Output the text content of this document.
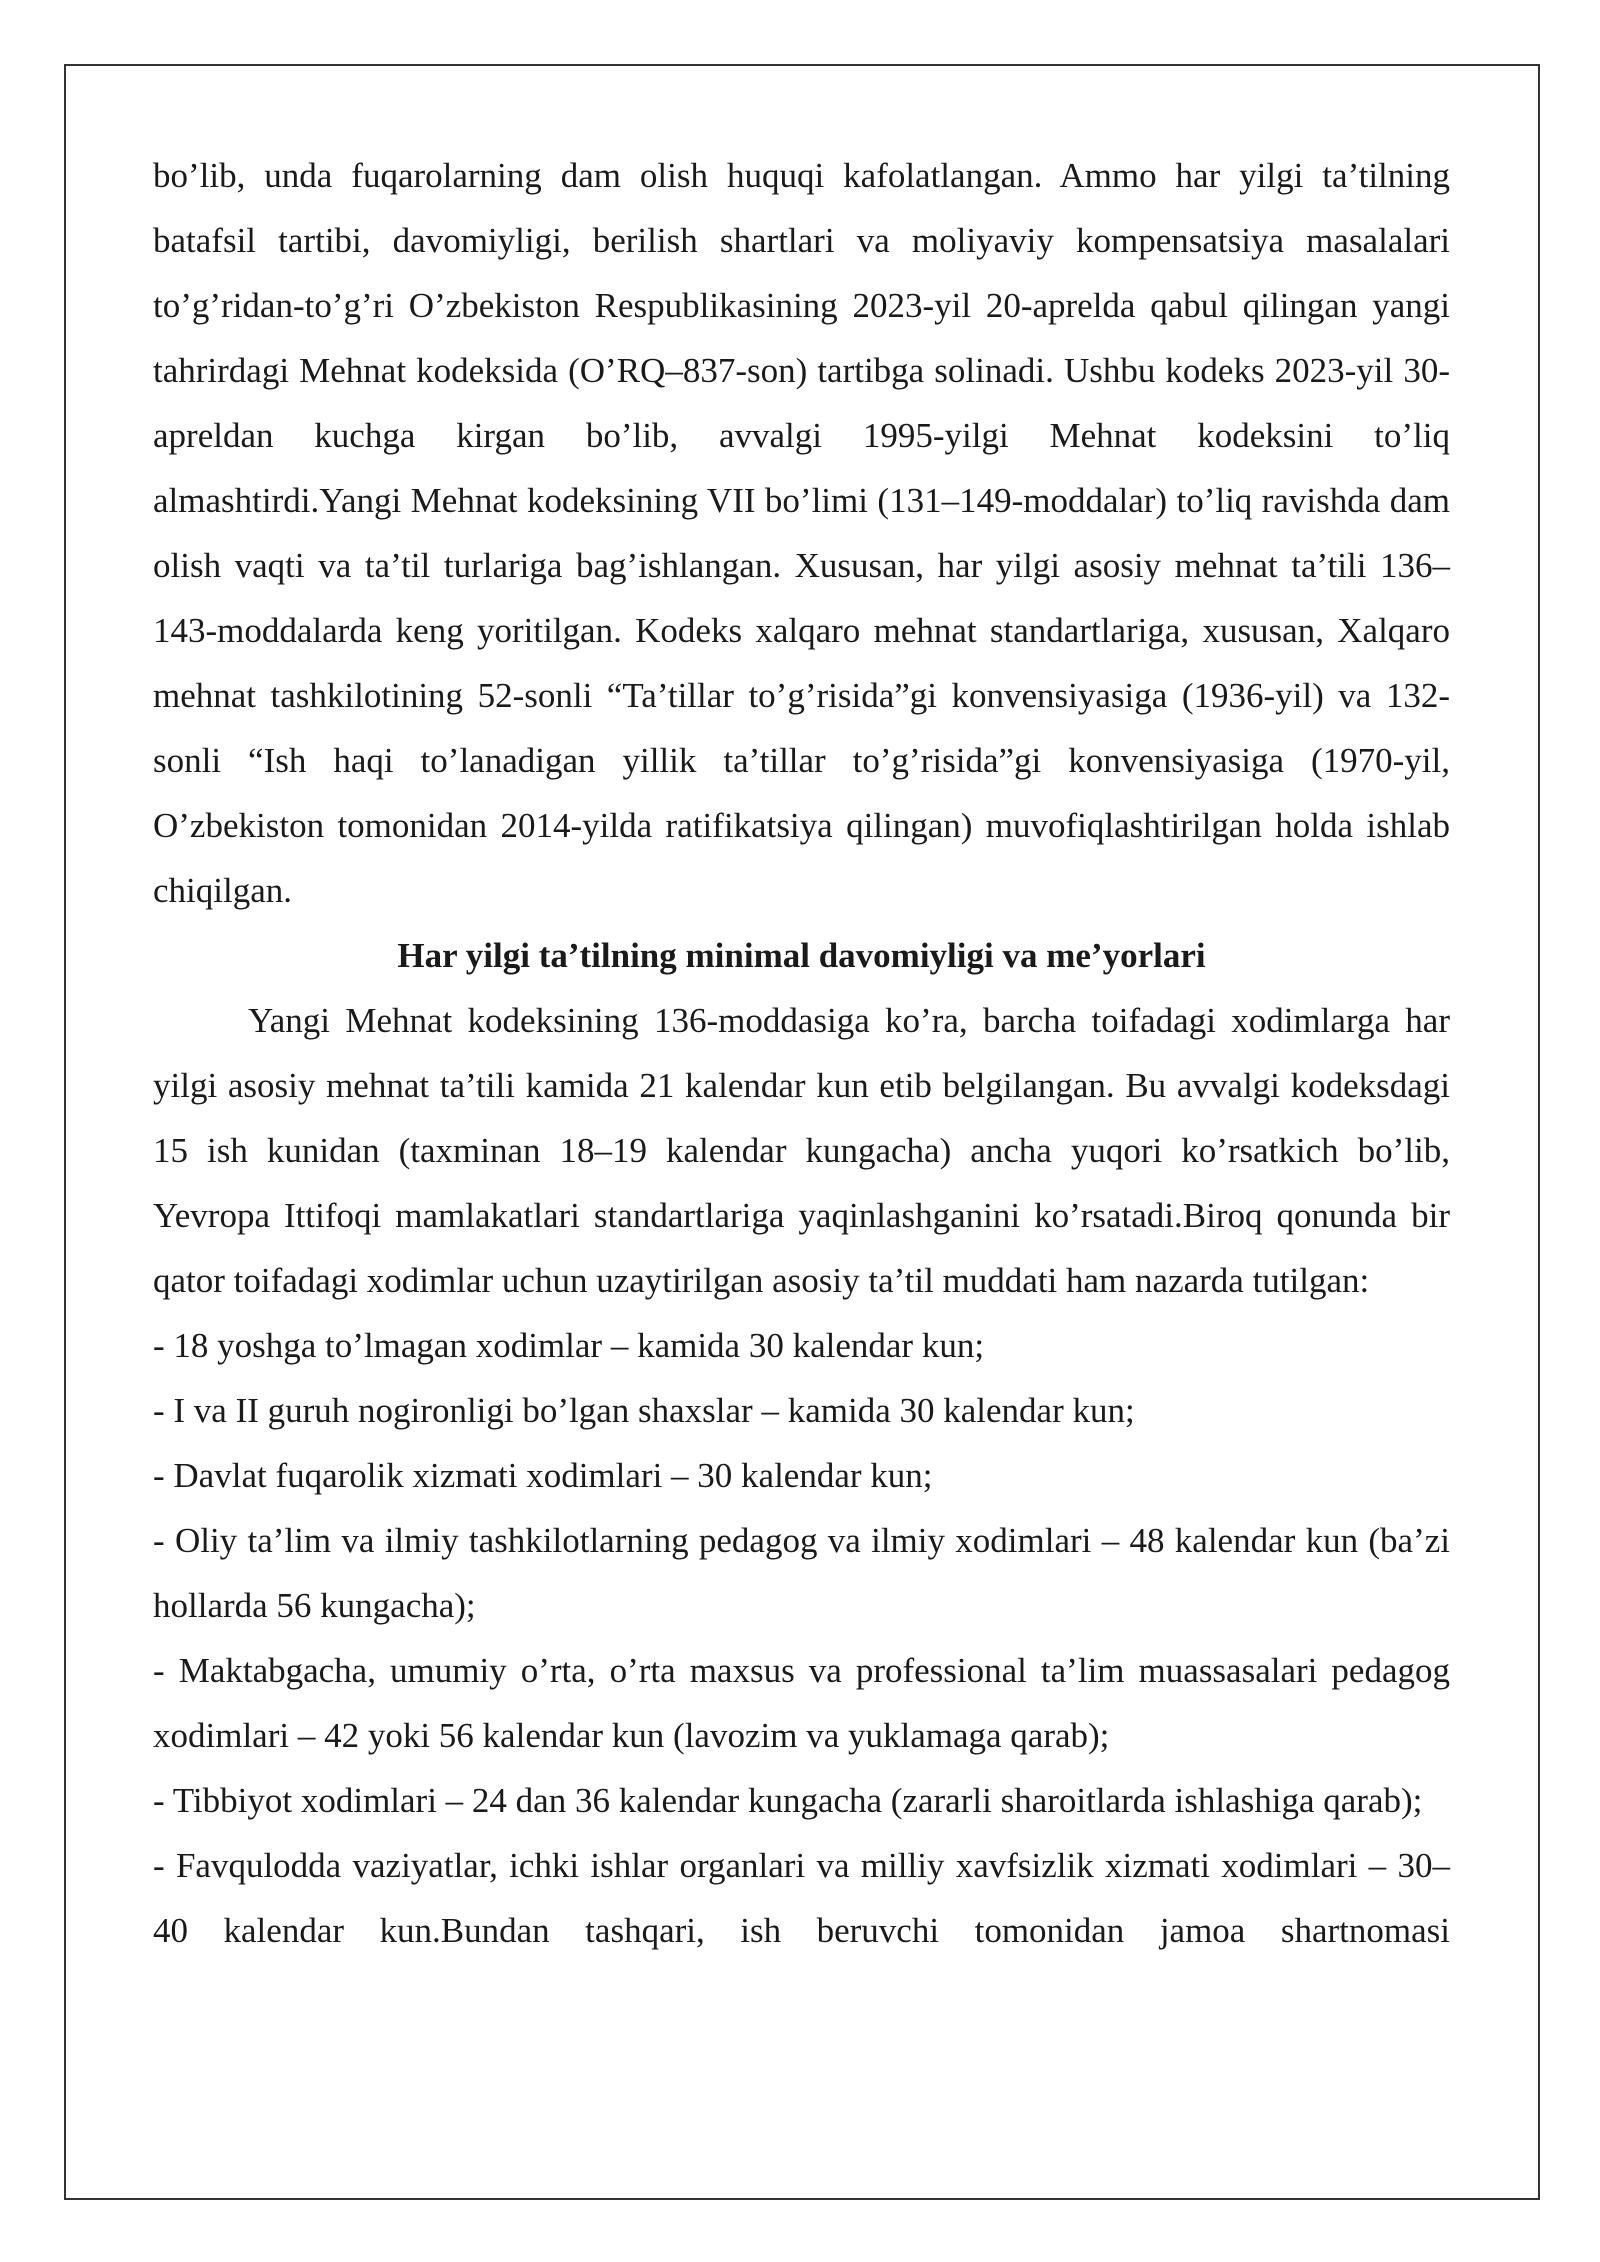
bo’lib, unda fuqarolarning dam olish huquqi kafolatlangan. Ammo har yilgi ta’tilning batafsil tartibi, davomiyligi, berilish shartlari va moliyaviy kompensatsiya masalalari to’g’ridan-to’g’ri O’zbekiston Respublikasining 2023-yil 20-aprelda qabul qilingan yangi tahrirdagi Mehnat kodeksida (O’RQ–837-son) tartibga solinadi. Ushbu kodeks 2023-yil 30-apreldan kuchga kirgan bo’lib, avvalgi 1995-yilgi Mehnat kodeksini to’liq almashtirdi.Yangi Mehnat kodeksining VII bo’limi (131–149-moddalar) to’liq ravishda dam olish vaqti va ta’til turlariga bag’ishlangan. Xususan, har yilgi asosiy mehnat ta’tili 136–143-moddalarda keng yoritilgan. Kodeks xalqaro mehnat standartlariga, xususan, Xalqaro mehnat tashkilotining 52-sonli “Ta’tillar to’g’risida”gi konvensiyasiga (1936-yil) va 132-sonli “Ish haqi to’lanadigan yillik ta’tillar to’g’risida”gi konvensiyasiga (1970-yil, O’zbekiston tomonidan 2014-yilda ratifikatsiya qilingan) muvofiqlashtirilgan holda ishlab chiqilgan.

Har yilgi ta’tilning minimal davomiyligi va me’yorlari

Yangi Mehnat kodeksining 136-moddasiga ko’ra, barcha toifadagi xodimlarga har yilgi asosiy mehnat ta’tili kamida 21 kalendar kun etib belgilangan. Bu avvalgi kodeksdagi 15 ish kunidan (taxminan 18–19 kalendar kungacha) ancha yuqori ko’rsatkich bo’lib, Yevropa Ittifoqi mamlakatlari standartlariga yaqinlashganini ko’rsatadi.Biroq qonunda bir qator toifadagi xodimlar uchun uzaytirilgan asosiy ta’til muddati ham nazarda tutilgan:

- 18 yoshga to’lmagan xodimlar – kamida 30 kalendar kun;
- I va II guruh nogironligi bo’lgan shaxslar – kamida 30 kalendar kun;
- Davlat fuqarolik xizmati xodimlari – 30 kalendar kun;
- Oliy ta’lim va ilmiy tashkilotlarning pedagog va ilmiy xodimlari – 48 kalendar kun (ba’zi hollarda 56 kungacha);
- Maktabgacha, umumiy o’rta, o’rta maxsus va professional ta’lim muassasalari pedagog xodimlari – 42 yoki 56 kalendar kun (lavozim va yuklamaga qarab);
- Tibbiyot xodimlari – 24 dan 36 kalendar kungacha (zararli sharoitlarda ishlashiga qarab);
- Favqulodda vaziyatlar, ichki ishlar organlari va milliy xavfsizlik xizmati xodimlari – 30–40 kalendar kun.Bundan tashqari, ish beruvchi tomonidan jamoa shartnomasi
